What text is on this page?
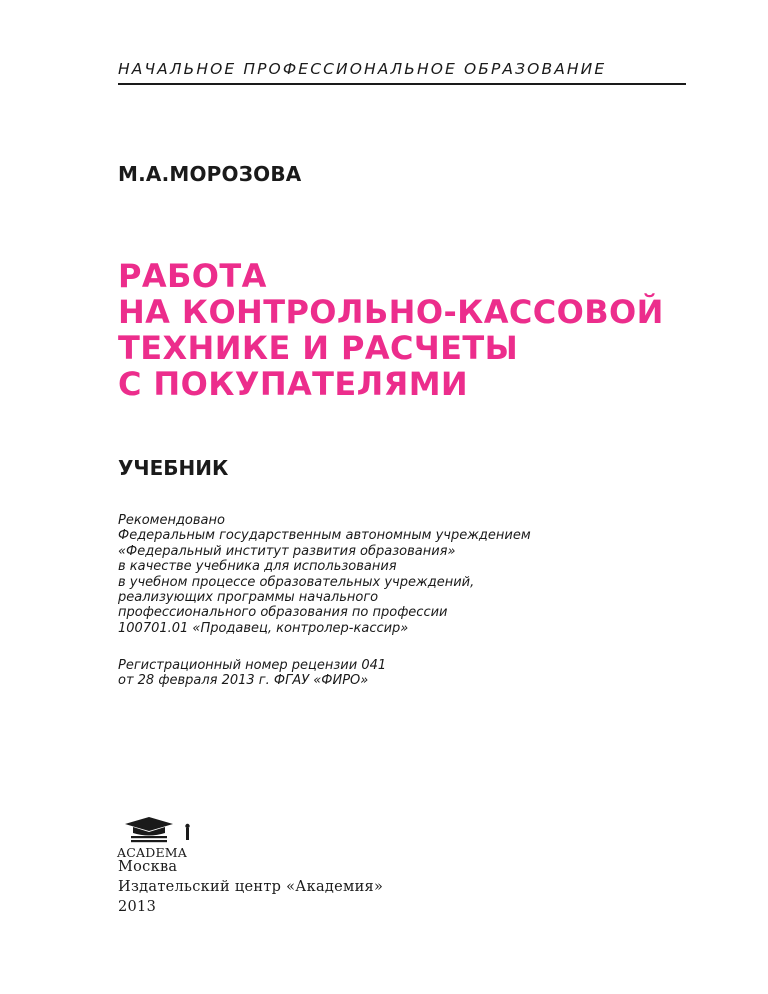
НАЧАЛЬНОЕ ПРОФЕССИОНАЛЬНОЕ ОБРАЗОВАНИЕ
М.А.МОРОЗОВА
РАБОТА
НА КОНТРОЛЬНО-КАССОВОЙ
ТЕХНИКЕ И РАСЧЕТЫ
С ПОКУПАТЕЛЯМИ
УЧЕБНИК
Рекомендовано
Федеральным государственным автономным учреждением
«Федеральный институт развития образования»
в качестве учебника для использования
в учебном процессе образовательных учреждений,
реализующих программы начального
профессионального образования по профессии
100701.01 «Продавец, контролер-кассир»
Регистрационный номер рецензии 041
от 28 февраля 2013 г. ФГАУ «ФИРО»
ACADEMA
Москва
Издательский центр «Академия»
2013
